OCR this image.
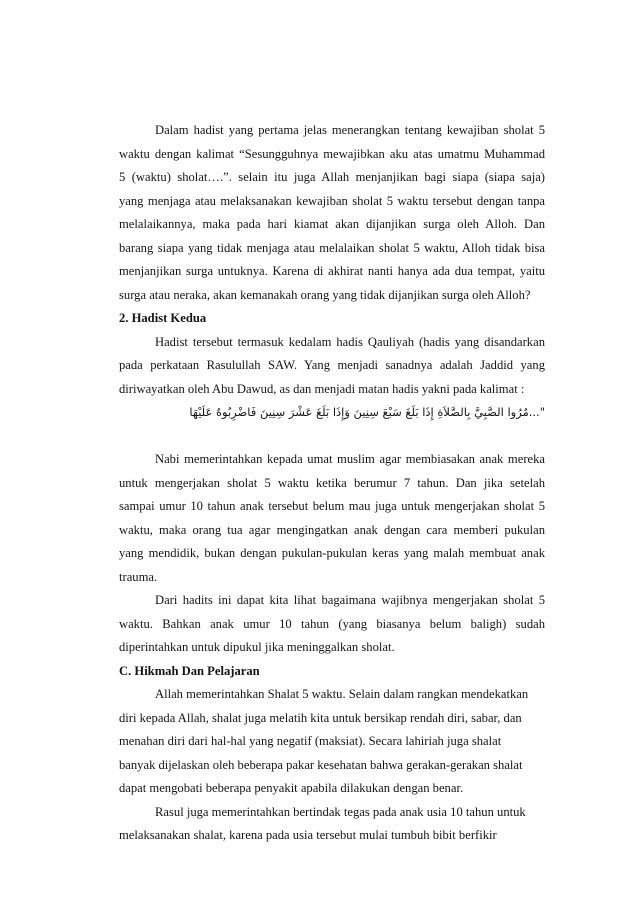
Dalam hadist yang pertama jelas menerangkan tentang kewajiban sholat 5
waktu dengan kalimat “Sesungguhnya mewajibkan aku atas umatmu Muhammad
5 (waktu) sholat….”. selain itu juga Allah menjanjikan bagi siapa (siapa saja)
yang menjaga atau melaksanakan kewajiban sholat 5 waktu tersebut dengan tanpa
melalaikannya, maka pada hari kiamat akan dijanjikan surga oleh Alloh. Dan
barang siapa yang tidak menjaga atau melalaikan sholat 5 waktu, Alloh tidak bisa
menjanjikan surga untuknya. Karena di akhirat nanti hanya ada dua tempat, yaitu
surga atau neraka, akan kemanakah orang yang tidak dijanjikan surga oleh Alloh?
2. Hadist Kedua
Hadist tersebut termasuk kedalam hadis Qauliyah (hadis yang disandarkan
pada perkataan Rasulullah SAW. Yang menjadi sanadnya adalah Jaddid yang
diriwayatkan oleh Abu Dawud, as dan menjadi matan hadis yakni pada kalimat :
"...مُرُوا الصَّبِيَّ بِالصَّلاَةِ إِذَا بَلَغَ سَبْعَ سِنِينَ وَإِذَا بَلَغَ عَشْرَ سِنِينَ فَاضْرِبُوهُ عَلَيْهَا
Nabi memerintahkan kepada umat muslim agar membiasakan anak mereka
untuk mengerjakan sholat 5 waktu ketika berumur 7 tahun. Dan jika setelah
sampai umur 10 tahun anak tersebut belum mau juga untuk mengerjakan sholat 5
waktu, maka orang tua agar mengingatkan anak dengan cara memberi pukulan
yang mendidik, bukan dengan pukulan-pukulan keras yang malah membuat anak
trauma.
Dari hadits ini dapat kita lihat bagaimana wajibnya mengerjakan sholat 5
waktu. Bahkan anak umur 10 tahun (yang biasanya belum baligh) sudah
diperintahkan untuk dipukul jika meninggalkan sholat.
C. Hikmah Dan Pelajaran
Allah memerintahkan Shalat 5 waktu. Selain dalam rangkan mendekatkan
diri kepada Allah, shalat juga melatih kita untuk bersikap rendah diri, sabar, dan
menahan diri dari hal-hal yang negatif (maksiat). Secara lahiriah juga shalat
banyak dijelaskan oleh beberapa pakar kesehatan bahwa gerakan-gerakan shalat
dapat mengobati beberapa penyakit apabila dilakukan dengan benar.
Rasul juga memerintahkan bertindak tegas pada anak usia 10 tahun untuk
melaksanakan shalat, karena pada usia tersebut mulai tumbuh bibit berfikir
